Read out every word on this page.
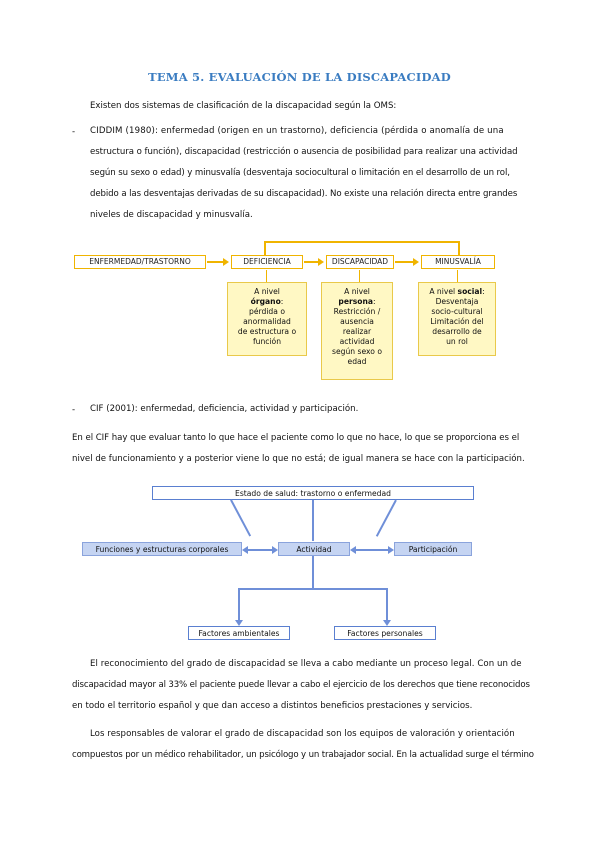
TEMA 5. EVALUACIÓN DE LA DISCAPACIDAD
Existen dos sistemas de clasificación de la discapacidad según la OMS:
- CIDDIM (1980): enfermedad (origen en un trastorno), deficiencia (pérdida o anomalía de una
estructura o función), discapacidad (restricción o ausencia de posibilidad para realizar una actividad
según su sexo o edad) y minusvalía (desventaja sociocultural o limitación en el desarrollo de un rol,
debido a las desventajas derivadas de su discapacidad). No existe una relación directa entre grandes
niveles de discapacidad y minusvalía.
ENFERMEDAD/TRASTORNO	DEFICIENCIA	DISCAPACIDAD	MINUSVALÍA
A nivel
órgano:
pérdida o
anormalidad
de estructura o
función
A nivel
persona:
Restricción /
ausencia
realizar
actividad
según sexo o
edad
A nivel social:
Desventaja
socio-cultural
Limitación del
desarrollo de
un rol
- CIF (2001): enfermedad, deficiencia, actividad y participación.
En el CIF hay que evaluar tanto lo que hace el paciente como lo que no hace, lo que se proporciona es el
nivel de funcionamiento y a posterior viene lo que no está; de igual manera se hace con la participación.
Estado de salud: trastorno o enfermedad
Funciones y estructuras corporales	Actividad	Participación
Factores ambientales	Factores personales
El reconocimiento del grado de discapacidad se lleva a cabo mediante un proceso legal. Con un de
discapacidad mayor al 33% el paciente puede llevar a cabo el ejercicio de los derechos que tiene reconocidos
en todo el territorio español y que dan acceso a distintos beneficios prestaciones y servicios.
Los responsables de valorar el grado de discapacidad son los equipos de valoración y orientación
compuestos por un médico rehabilitador, un psicólogo y un trabajador social. En la actualidad surge el término
